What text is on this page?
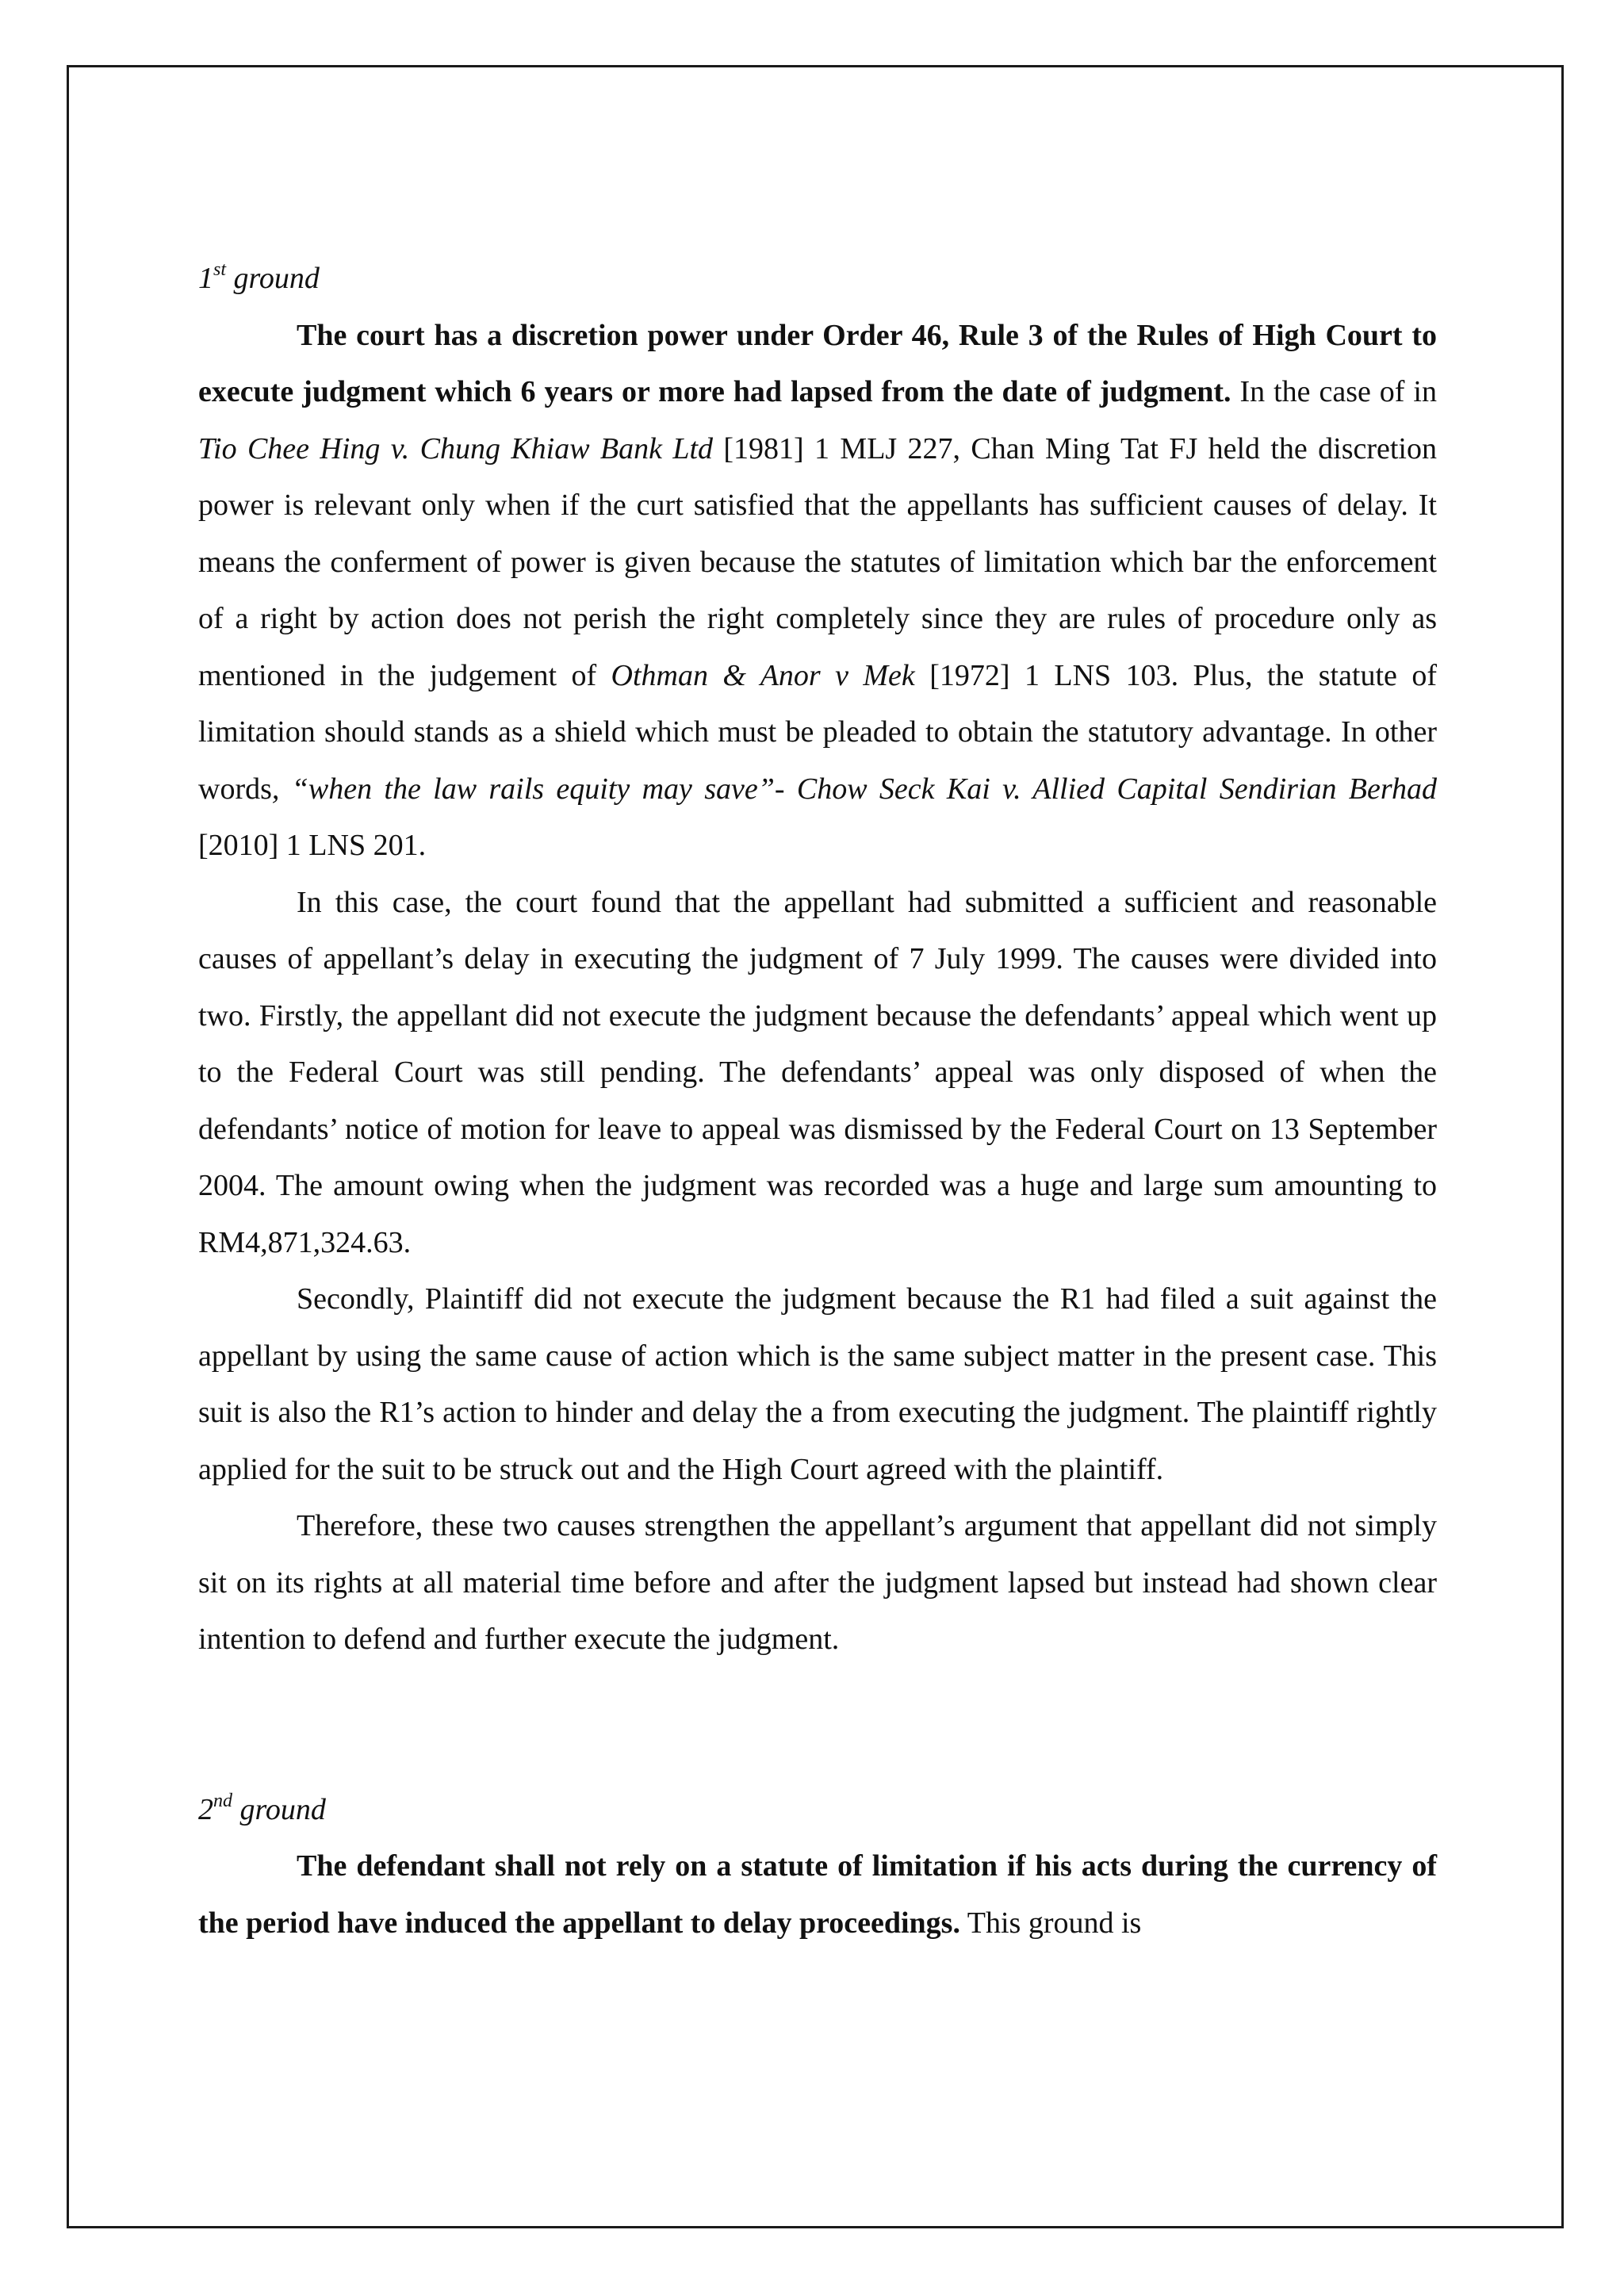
1st ground

The court has a discretion power under Order 46, Rule 3 of the Rules of High Court to execute judgment which 6 years or more had lapsed from the date of judgment. In the case of in Tio Chee Hing v. Chung Khiaw Bank Ltd [1981] 1 MLJ 227, Chan Ming Tat FJ held the discretion power is relevant only when if the curt satisfied that the appellants has sufficient causes of delay. It means the conferment of power is given because the statutes of limitation which bar the enforcement of a right by action does not perish the right completely since they are rules of procedure only as mentioned in the judgement of Othman & Anor v Mek [1972] 1 LNS 103. Plus, the statute of limitation should stands as a shield which must be pleaded to obtain the statutory advantage. In other words, “when the law rails equity may save”- Chow Seck Kai v. Allied Capital Sendirian Berhad [2010] 1 LNS 201.

In this case, the court found that the appellant had submitted a sufficient and reasonable causes of appellant’s delay in executing the judgment of 7 July 1999. The causes were divided into two. Firstly, the appellant did not execute the judgment because the defendants’ appeal which went up to the Federal Court was still pending. The defendants’ appeal was only disposed of when the defendants’ notice of motion for leave to appeal was dismissed by the Federal Court on 13 September 2004. The amount owing when the judgment was recorded was a huge and large sum amounting to RM4,871,324.63.

Secondly, Plaintiff did not execute the judgment because the R1 had filed a suit against the appellant by using the same cause of action which is the same subject matter in the present case. This suit is also the R1’s action to hinder and delay the a from executing the judgment. The plaintiff rightly applied for the suit to be struck out and the High Court agreed with the plaintiff.

Therefore, these two causes strengthen the appellant’s argument that appellant did not simply sit on its rights at all material time before and after the judgment lapsed but instead had shown clear intention to defend and further execute the judgment.

2nd ground

The defendant shall not rely on a statute of limitation if his acts during the currency of the period have induced the appellant to delay proceedings. This ground is
